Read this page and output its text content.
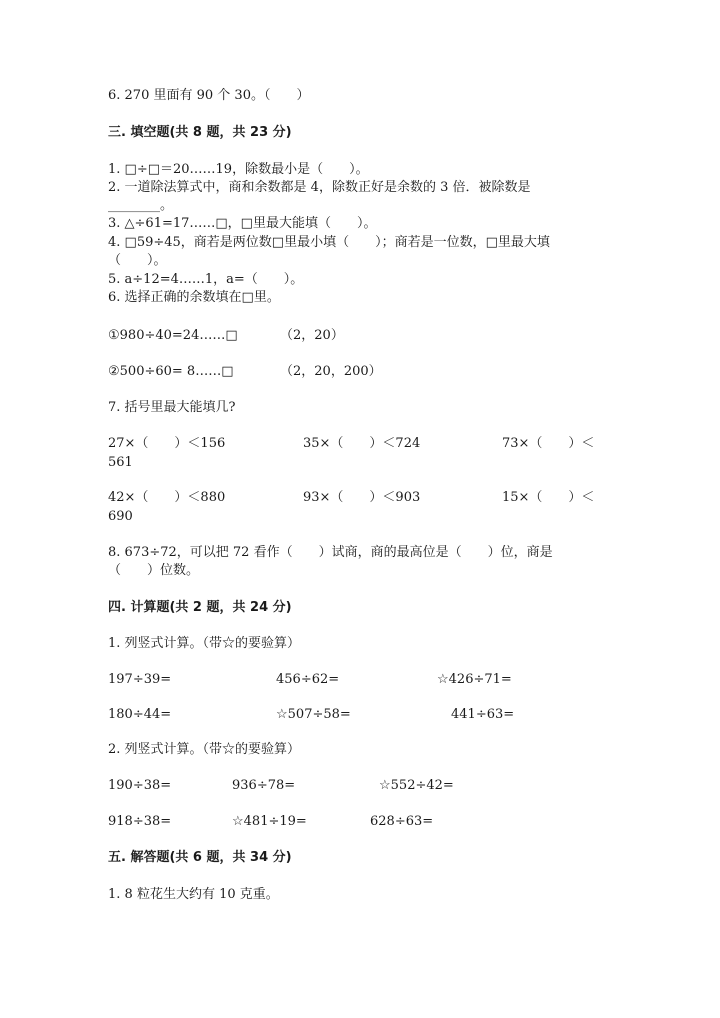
6. 270 里面有 90 个 30。（　　）
三. 填空题(共 8 题，共 23 分)
1. □÷□＝20……19，除数最小是（　　）。
2. 一道除法算式中，商和余数都是 4，除数正好是余数的 3 倍．被除数是
________。
3. △÷61=17……□，□里最大能填（　　）。
4. □59÷45，商若是两位数□里最小填（　　）；商若是一位数，□里最大填
（　　）。
5. a÷12=4……1，a=（　　）。
6. 选择正确的余数填在□里。
①980÷40=24……□	（2，20）
②500÷60= 8……□	（2，20，200）
7. 括号里最大能填几?
27×（　　）＜156	35×（　　）＜724	73×（　　）＜
561
42×（　　）＜880	93×（　　）＜903	15×（　　）＜
690
8. 673÷72，可以把 72 看作（　　）试商，商的最高位是（　　）位，商是
（　　）位数。
四. 计算题(共 2 题，共 24 分)
1. 列竖式计算。（带☆的要验算）
197÷39=	456÷62=	☆426÷71=
180÷44=	☆507÷58=	441÷63=
2. 列竖式计算。（带☆的要验算）
190÷38=	936÷78=	☆552÷42=
918÷38=	☆481÷19=	628÷63=
五. 解答题(共 6 题，共 34 分)
1. 8 粒花生大约有 10 克重。
